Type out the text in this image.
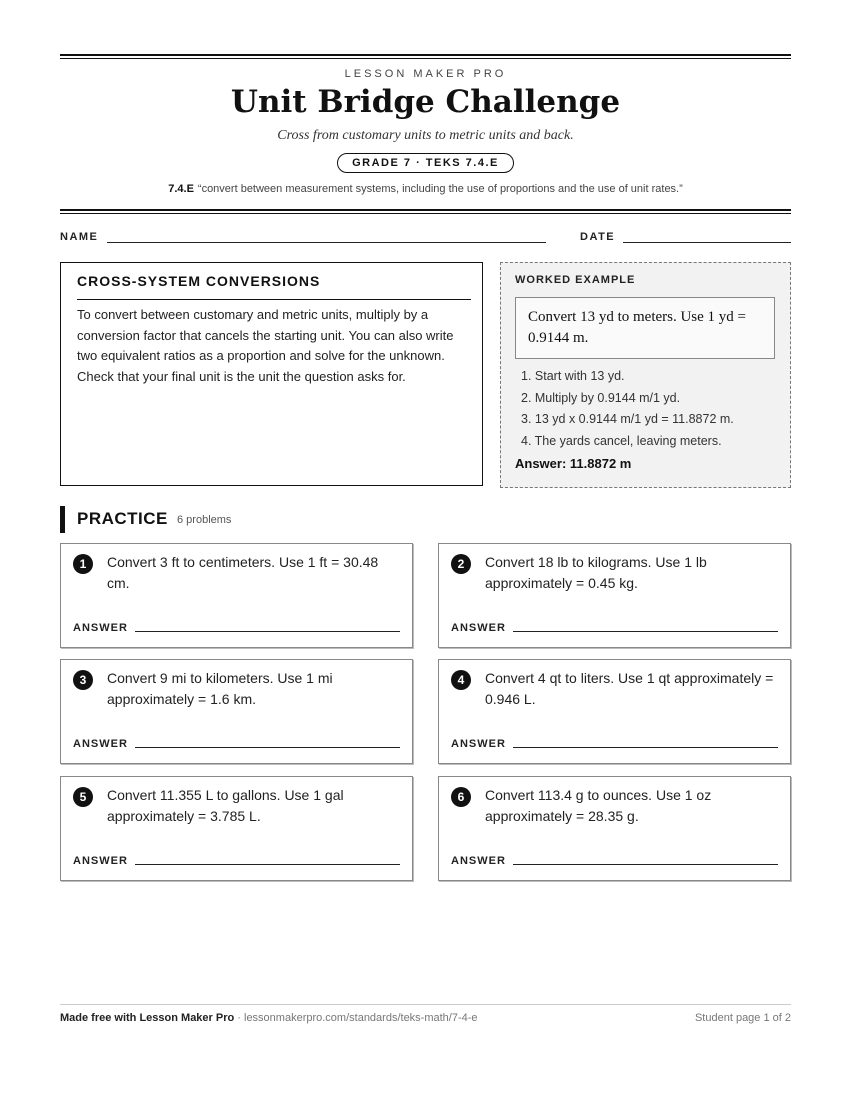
LESSON MAKER PRO
Unit Bridge Challenge
Cross from customary units to metric units and back.
GRADE 7 · TEKS 7.4.E
7.4.E “convert between measurement systems, including the use of proportions and the use of unit rates.”
NAME	DATE
CROSS-SYSTEM CONVERSIONS

To convert between customary and metric units, multiply by a conversion factor that cancels the starting unit. You can also write two equivalent ratios as a proportion and solve for the unknown. Check that your final unit is the unit the question asks for.

WORKED EXAMPLE
Convert 13 yd to meters. Use 1 yd = 0.9144 m.
1. Start with 13 yd.
2. Multiply by 0.9144 m/1 yd.
3. 13 yd x 0.9144 m/1 yd = 11.8872 m.
4. The yards cancel, leaving meters.
Answer: 11.8872 m
PRACTICE 6 problems
1	Convert 3 ft to centimeters. Use 1 ft = 30.48 cm.
ANSWER
2	Convert 18 lb to kilograms. Use 1 lb approximately = 0.45 kg.
ANSWER
3	Convert 9 mi to kilometers. Use 1 mi approximately = 1.6 km.
ANSWER
4	Convert 4 qt to liters. Use 1 qt approximately = 0.946 L.
ANSWER
5	Convert 11.355 L to gallons. Use 1 gal approximately = 3.785 L.
ANSWER
6	Convert 113.4 g to ounces. Use 1 oz approximately = 28.35 g.
ANSWER
Made free with Lesson Maker Pro · lessonmakerpro.com/standards/teks-math/7-4-e	Student page 1 of 2
